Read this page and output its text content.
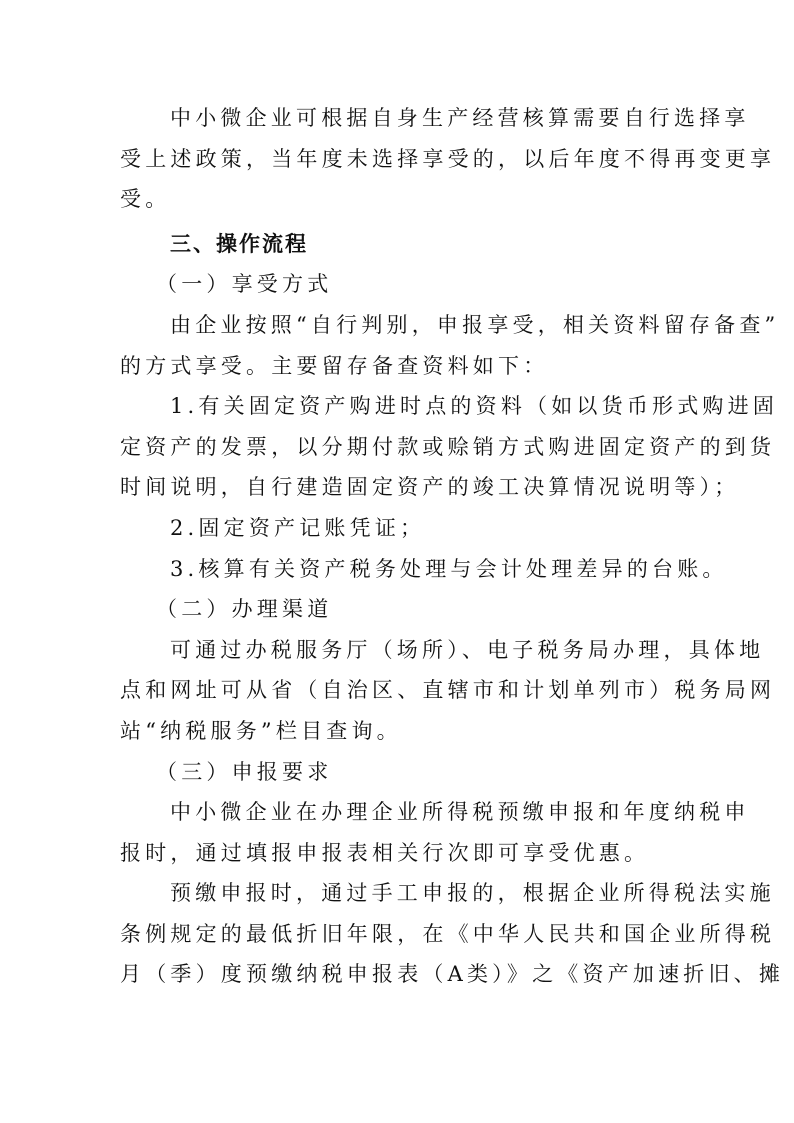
中小微企业可根据自身生产经营核算需要自行选择享
受上述政策，当年度未选择享受的，以后年度不得再变更享
受。
三、操作流程
（一）享受方式
由企业按照“自行判别，申报享受，相关资料留存备查”
的方式享受。主要留存备查资料如下：
1.有关固定资产购进时点的资料（如以货币形式购进固
定资产的发票，以分期付款或赊销方式购进固定资产的到货
时间说明，自行建造固定资产的竣工决算情况说明等）；
2.固定资产记账凭证；
3.核算有关资产税务处理与会计处理差异的台账。
（二）办理渠道
可通过办税服务厅（场所）、电子税务局办理，具体地
点和网址可从省（自治区、直辖市和计划单列市）税务局网
站“纳税服务”栏目查询。
（三）申报要求
中小微企业在办理企业所得税预缴申报和年度纳税申
报时，通过填报申报表相关行次即可享受优惠。
预缴申报时，通过手工申报的，根据企业所得税法实施
条例规定的最低折旧年限，在《中华人民共和国企业所得税
月（季）度预缴纳税申报表（A类）》之《资产加速折旧、摊
